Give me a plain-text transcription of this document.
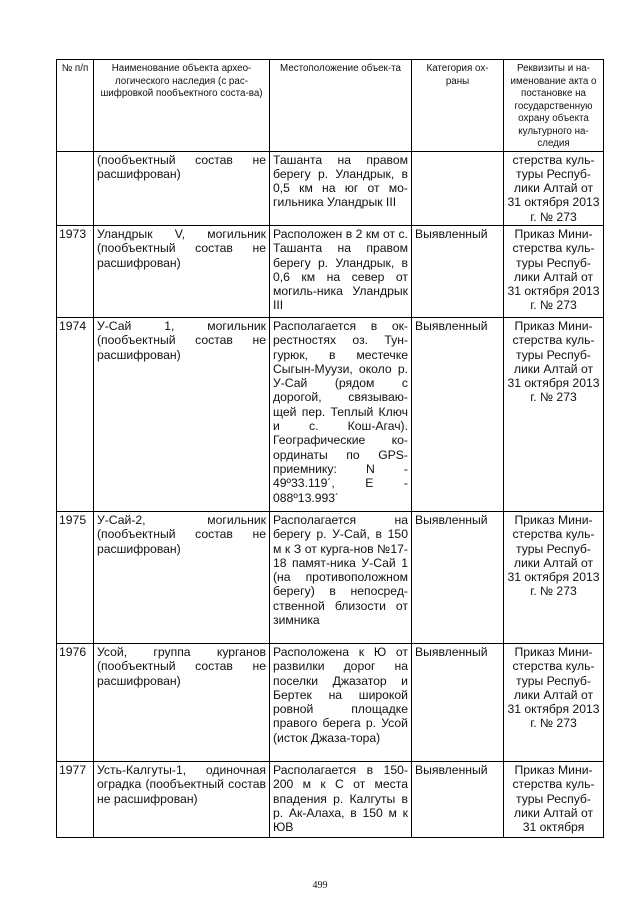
№ п/п	Наименование объекта архео-логического наследия (с рас-шифровкой пообъектного соста-ва)	Местоположение объек-та	Категория ох-раны	Реквизиты и на-именование акта о постановке на государственную охрану объекта культурного на-следия
	(пообъектный состав не расшифрован)	Ташанта на правом берегу р. Уландрык, в 0,5 км на юг от мо-гильника Уландрык III		стерства куль-туры Респуб-лики Алтай от 31 октября 2013 г. № 273
1973	Уландрык V, могильник (пообъектный состав не расшифрован)	Расположен в 2 км от с. Ташанта на правом берегу р. Уландрык, в 0,6 км на север от могиль-ника Уландрык III	Выявленный	Приказ Мини-стерства куль-туры Респуб-лики Алтай от 31 октября 2013 г. № 273
1974	У-Сай 1, могильник (пообъектный состав не расшифрован)	Располагается в ок-рестностях оз. Тун-гурюк, в местечке Сыгын-Муузи, около р. У-Сай (рядом с дорогой, связываю-щей пер. Теплый Ключ и с. Кош-Агач). Географические ко-ординаты по GPS-приемнику: N - 49º33.119´, E - 088º13.993´	Выявленный	Приказ Мини-стерства куль-туры Респуб-лики Алтай от 31 октября 2013 г. № 273
1975	У-Сай-2, могильник (пообъектный состав не расшифрован)	Располагается на берегу р. У-Сай, в 150 м к З от курга-нов №17-18 памят-ника У-Сай 1 (на противоположном берегу) в непосред-ственной близости от зимника	Выявленный	Приказ Мини-стерства куль-туры Респуб-лики Алтай от 31 октября 2013 г. № 273
1976	Усой, группа курганов (пообъектный состав не расшифрован)	Расположена к Ю от развилки дорог на поселки Джазатор и Бертек на широкой ровной площадке правого берега р. Усой (исток Джаза-тора)	Выявленный	Приказ Мини-стерства куль-туры Респуб-лики Алтай от 31 октября 2013 г. № 273
1977	Усть-Калгуты-1, одиночная оградка (пообъектный состав не расшифрован)	Располагается в 150-200 м к С от места впадения р. Калгуты в р. Ак-Алаха, в 150 м к ЮВ	Выявленный	Приказ Мини-стерства куль-туры Респуб-лики Алтай от 31 октября
499
